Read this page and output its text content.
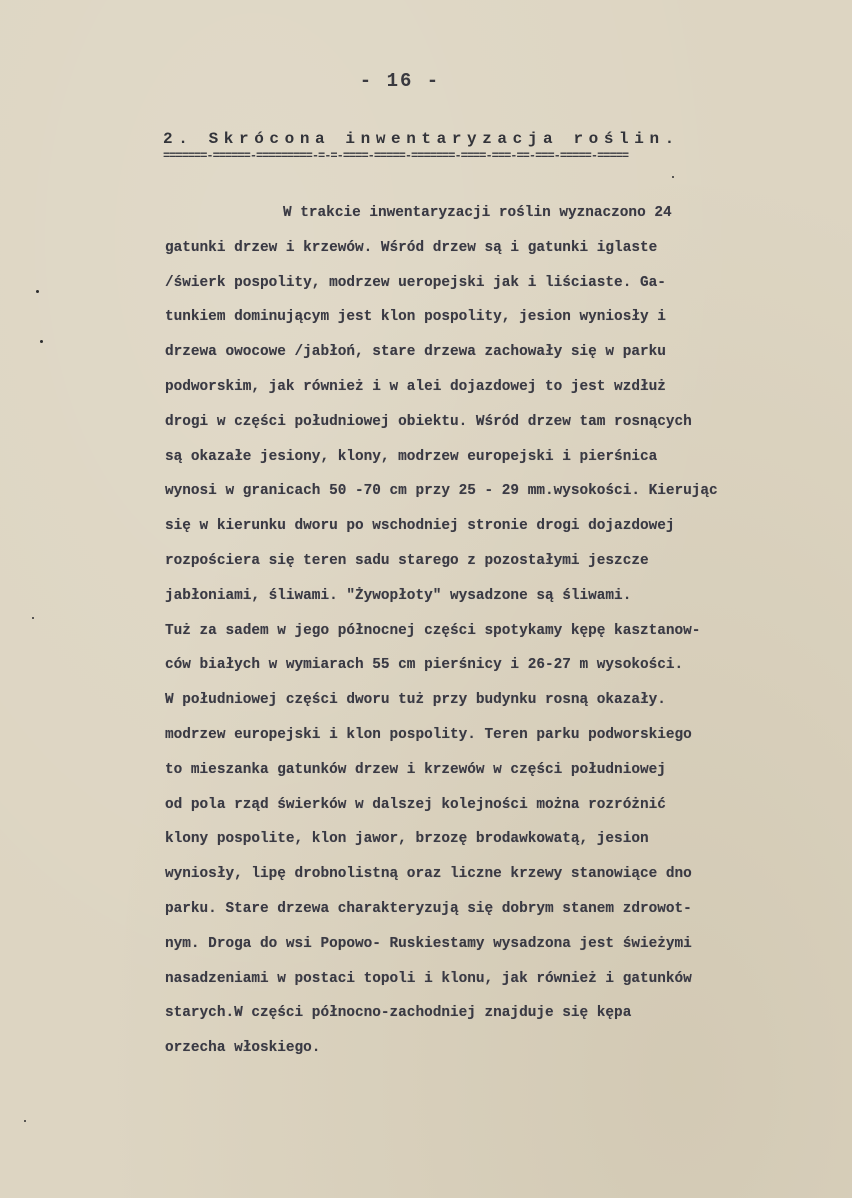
- 16 -
2. Skrócona inwentaryzacja roślin.
=======-======-=========-=-=-====-=====-=======-====-===-==-===-=====-=====
W trakcie inwentaryzacji roślin wyznaczono 24
gatunki drzew i krzewów. Wśród drzew są i gatunki iglaste
/świerk pospolity, modrzew ueropejski jak i liściaste. Ga-
tunkiem dominującym jest klon pospolity, jesion wyniosły i
drzewa owocowe /jabłoń, stare drzewa zachowały się w parku
podworskim, jak również i w alei dojazdowej to jest wzdłuż
drogi w części południowej obiektu. Wśród drzew tam rosnących
są okazałe jesiony, klony, modrzew europejski i pierśnica
wynosi w granicach 50 -70 cm przy 25 - 29 mm.wysokości. Kierując
się w kierunku dworu po wschodniej stronie drogi dojazdowej
rozpościera się teren sadu starego z pozostałymi jeszcze
jabłoniami, śliwami. "Żywopłoty" wysadzone są śliwami.
Tuż za sadem w jego północnej części spotykamy kępę kasztanow-
ców białych w wymiarach 55 cm pierśnicy i 26-27 m wysokości.
W południowej części dworu tuż przy budynku rosną okazały.
modrzew europejski i klon pospolity. Teren parku podworskiego
to mieszanka gatunków drzew i krzewów w części południowej
od pola rząd świerków w dalszej kolejności można rozróżnić
klony pospolite, klon jawor, brzozę brodawkowatą, jesion
wyniosły, lipę drobnolistną oraz liczne krzewy stanowiące dno
parku. Stare drzewa charakteryzują się dobrym stanem zdrowot-
nym. Droga do wsi Popowo- Ruskiestamy wysadzona jest świeżymi
nasadzeniami w postaci topoli i klonu, jak również i gatunków
starych.W części północno-zachodniej znajduje się kępa
orzecha włoskiego.
